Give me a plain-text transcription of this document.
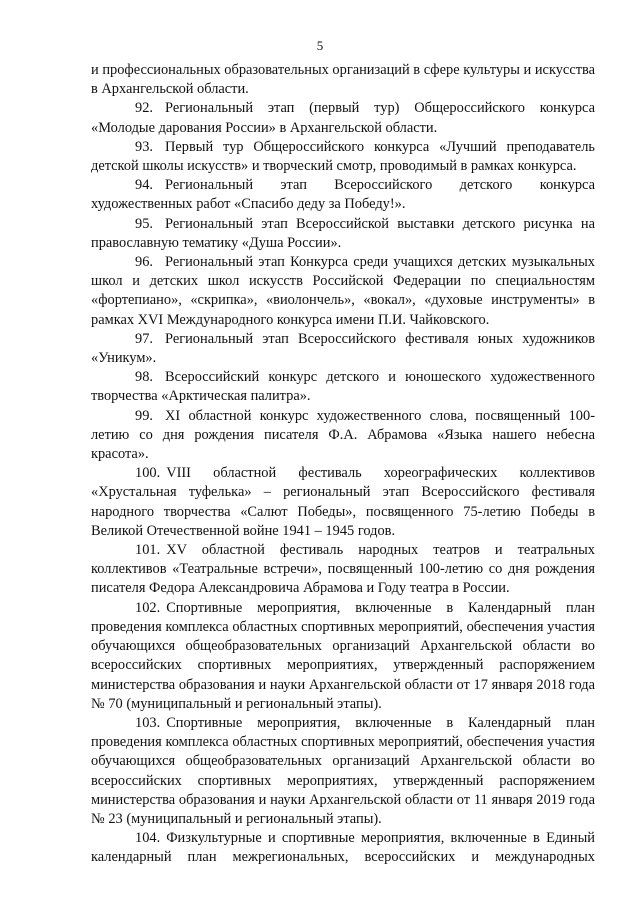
5

и профессиональных образовательных организаций в сфере культуры и искусства в Архангельской области.

92. Региональный этап (первый тур) Общероссийского конкурса «Молодые дарования России» в Архангельской области.

93. Первый тур Общероссийского конкурса «Лучший преподаватель детской школы искусств» и творческий смотр, проводимый в рамках конкурса.

94. Региональный этап Всероссийского детского конкурса художественных работ «Спасибо деду за Победу!».

95. Региональный этап Всероссийской выставки детского рисунка на православную тематику «Душа России».

96. Региональный этап Конкурса среди учащихся детских музыкальных школ и детских школ искусств Российской Федерации по специальностям «фортепиано», «скрипка», «виолончель», «вокал», «духовые инструменты» в рамках XVI Международного конкурса имени П.И. Чайковского.

97. Региональный этап Всероссийского фестиваля юных художников «Уникум».

98. Всероссийский конкурс детского и юношеского художественного творчества «Арктическая палитра».

99. XI областной конкурс художественного слова, посвященный 100-летию со дня рождения писателя Ф.А. Абрамова «Языка нашего небесна красота».

100. VIII областной фестиваль хореографических коллективов «Хрустальная туфелька» – региональный этап Всероссийского фестиваля народного творчества «Салют Победы», посвященного 75-летию Победы в Великой Отечественной войне 1941 – 1945 годов.

101. XV областной фестиваль народных театров и театральных коллективов «Театральные встречи», посвященный 100-летию со дня рождения писателя Федора Александровича Абрамова и Году театра в России.

102. Спортивные мероприятия, включенные в Календарный план проведения комплекса областных спортивных мероприятий, обеспечения участия обучающихся общеобразовательных организаций Архангельской области во всероссийских спортивных мероприятиях, утвержденный распоряжением министерства образования и науки Архангельской области от 17 января 2018 года № 70 (муниципальный и региональный этапы).

103. Спортивные мероприятия, включенные в Календарный план проведения комплекса областных спортивных мероприятий, обеспечения участия обучающихся общеобразовательных организаций Архангельской области во всероссийских спортивных мероприятиях, утвержденный распоряжением министерства образования и науки Архангельской области от 11 января 2019 года № 23 (муниципальный и региональный этапы).

104. Физкультурные и спортивные мероприятия, включенные в Единый календарный план межрегиональных, всероссийских и международных
